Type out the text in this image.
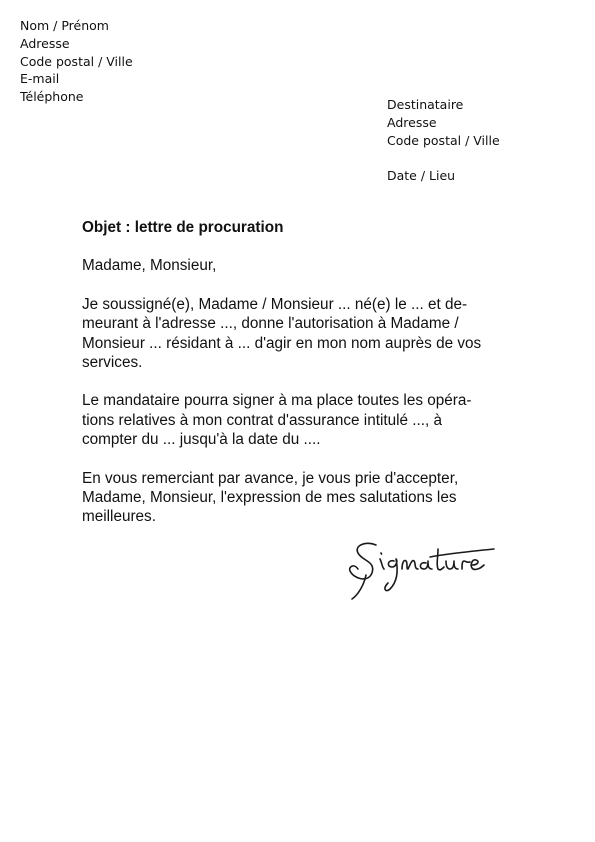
Nom / Prénom
Adresse
Code postal / Ville
E-mail
Téléphone
Destinataire
Adresse
Code postal / Ville
Date / Lieu
Objet : lettre de procuration
Madame, Monsieur,
Je soussigné(e), Madame / Monsieur ... né(e) le ... et de-
meurant à l'adresse ..., donne l'autorisation à Madame /
Monsieur ... résidant à ... d'agir en mon nom auprès de vos
services.
Le mandataire pourra signer à ma place toutes les opéra-
tions relatives à mon contrat d'assurance intitulé ..., à
compter du ... jusqu'à la date du ....
En vous remerciant par avance, je vous prie d'accepter,
Madame, Monsieur, l'expression de mes salutations les
meilleures.
